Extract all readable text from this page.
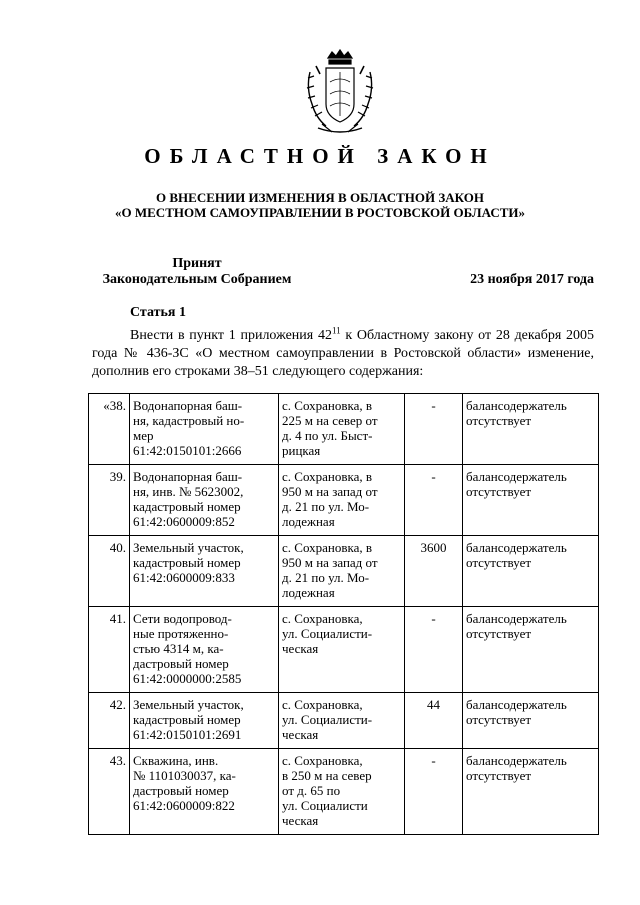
ОБЛАСТНОЙ ЗАКОН
О ВНЕСЕНИИ ИЗМЕНЕНИЯ В ОБЛАСТНОЙ ЗАКОН
«О МЕСТНОМ САМОУПРАВЛЕНИИ В РОСТОВСКОЙ ОБЛАСТИ»
Принят
Законодательным Собранием	23 ноября 2017 года
Статья 1
Внести в пункт 1 приложения $42^{11}$ к Областному закону от 28 декабря 2005 года № 436-ЗС «О местном самоуправлении в Ростовской области» изменение, дополнив его строками 38–51 следующего содержания:
«38.	Водонапорная баш-
ня, кадастровый но-
мер
61:42:0150101:2666	с. Сохрановка, в
225 м на север от
д. 4 по ул. Быст-
рицкая	-	балансодержатель
отсутствует
39.	Водонапорная баш-
ня, инв. № 5623002,
кадастровый номер
61:42:0600009:852	с. Сохрановка, в
950 м на запад от
д. 21 по ул. Мо-
лодежная	-	балансодержатель
отсутствует
40.	Земельный участок,
кадастровый номер
61:42:0600009:833	с. Сохрановка, в
950 м на запад от
д. 21 по ул. Мо-
лодежная	3600	балансодержатель
отсутствует
41.	Сети водопровод-
ные протяженно-
стью 4314 м, ка-
дастровый номер
61:42:0000000:2585	с. Сохрановка,
ул. Социалисти-
ческая	-	балансодержатель
отсутствует
42.	Земельный участок,
кадастровый номер
61:42:0150101:2691	с. Сохрановка,
ул. Социалисти-
ческая	44	балансодержатель
отсутствует
43.	Скважина, инв.
№ 1101030037, ка-
дастровый номер
61:42:0600009:822	с. Сохрановка,
в 250 м на север
от д. 65 по
ул. Социалисти
ческая	-	балансодержатель
отсутствует
